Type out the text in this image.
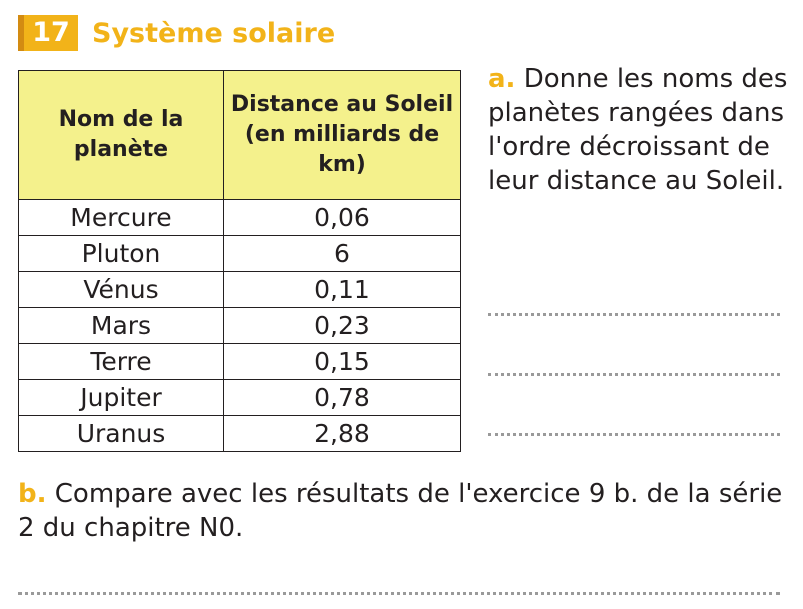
17 Système solaire
Nom de la planète	Distance au Soleil (en milliards de km)
Mercure	0,06
Pluton	6
Vénus	0,11
Mars	0,23
Terre	0,15
Jupiter	0,78
Uranus	2,88
a. Donne les noms des planètes rangées dans l'ordre décroissant de leur distance au Soleil.
b. Compare avec les résultats de l'exercice 9 b. de la série 2 du chapitre N0.
